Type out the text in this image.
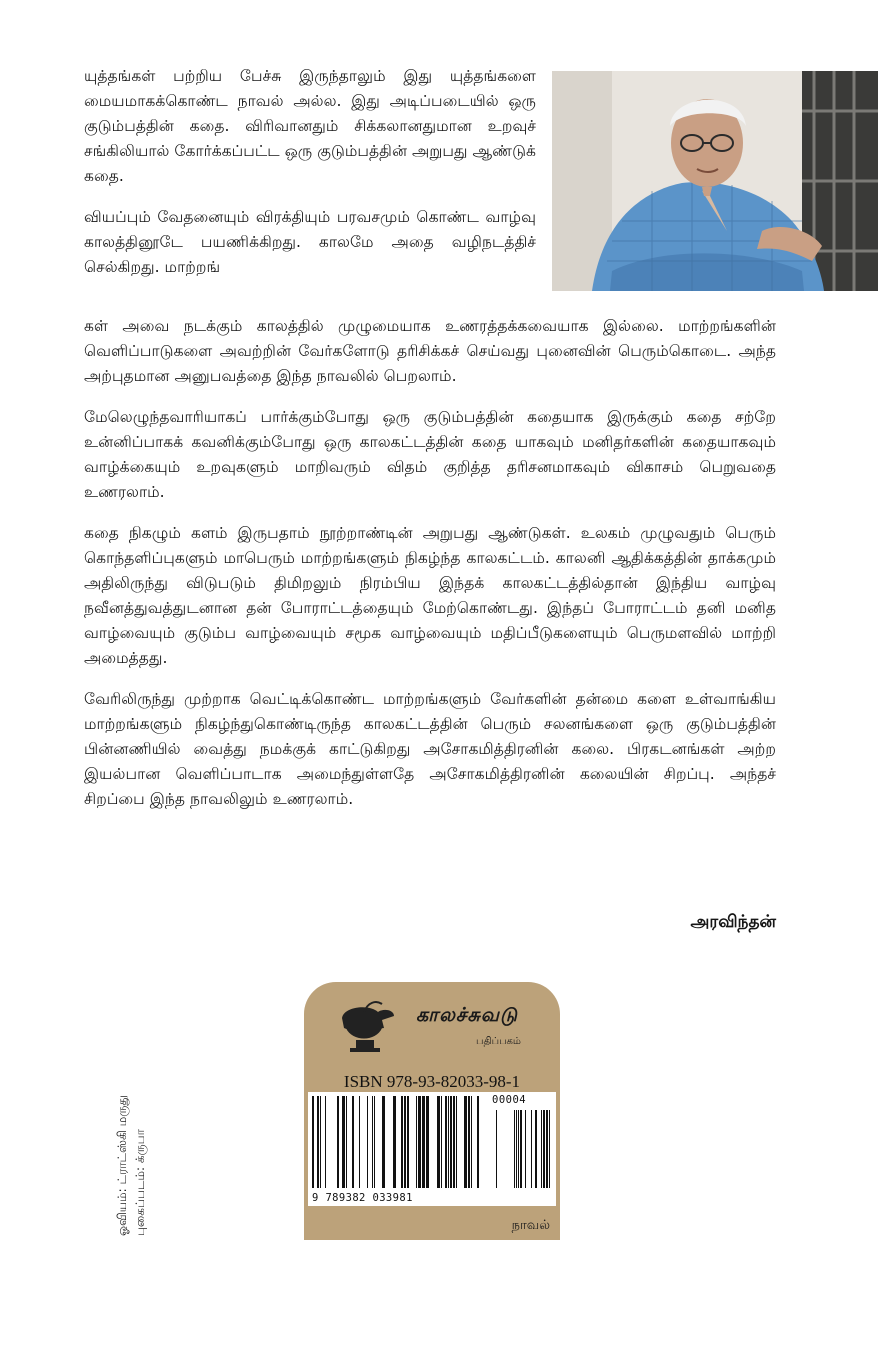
யுத்தங்கள் பற்றிய பேச்சு இருந்தாலும் இது யுத்தங்களை மையமாகக்கொண்ட நாவல் அல்ல. இது அடிப்படையில் ஒரு குடும்பத்தின் கதை. விரிவானதும் சிக்கலானதுமான உறவுச் சங்கிலியால் கோர்க்கப்பட்ட ஒரு குடும்பத்தின் அறுபது ஆண்டுக் கதை.

வியப்பும் வேதனையும் விரக்தியும் பரவசமும் கொண்ட வாழ்வு காலத்தினூடே பயணிக்கிறது. காலமே அதை வழிநடத்திச் செல்கிறது. மாற்றங்

கள் அவை நடக்கும் காலத்தில் முழுமையாக உணரத்தக்கவையாக இல்லை. மாற்றங்களின் வெளிப்பாடுகளை அவற்றின் வேர்களோடு தரிசிக்கச் செய்வது புனைவின் பெரும்கொடை. அந்த அற்புதமான அனுபவத்தை இந்த நாவலில் பெறலாம்.

மேலெழுந்தவாரியாகப் பார்க்கும்போது ஒரு குடும்பத்தின் கதையாக இருக்கும் கதை சற்றே உன்னிப்பாகக் கவனிக்கும்போது ஒரு காலகட்டத்தின் கதை யாகவும் மனிதர்களின் கதையாகவும் வாழ்க்கையும் உறவுகளும் மாறிவரும் விதம் குறித்த தரிசனமாகவும் விகாசம் பெறுவதை உணரலாம்.

கதை நிகழும் களம் இருபதாம் நூற்றாண்டின் அறுபது ஆண்டுகள். உலகம் முழுவதும் பெரும் கொந்தளிப்புகளும் மாபெரும் மாற்றங்களும் நிகழ்ந்த காலகட்டம். காலனி ஆதிக்கத்தின் தாக்கமும் அதிலிருந்து விடுபடும் திமிறலும் நிரம்பிய இந்தக் காலகட்டத்தில்தான் இந்திய வாழ்வு நவீனத்துவத்துடனான தன் போராட்டத்தையும் மேற்கொண்டது. இந்தப் போராட்டம் தனி மனித வாழ்வையும் குடும்ப வாழ்வையும் சமூக வாழ்வையும் மதிப்பீடுகளையும் பெருமளவில் மாற்றி அமைத்தது.

வேரிலிருந்து முற்றாக வெட்டிக்கொண்ட மாற்றங்களும் வேர்களின் தன்மை களை உள்வாங்கிய மாற்றங்களும் நிகழ்ந்துகொண்டிருந்த காலகட்டத்தின் பெரும் சலனங்களை ஒரு குடும்பத்தின் பின்னணியில் வைத்து நமக்குக் காட்டுகிறது அசோகமித்திரனின் கலை. பிரகடனங்கள் அற்ற இயல்பான வெளிப்பாடாக அமைந்துள்ளதே அசோகமித்திரனின் கலையின் சிறப்பு. அந்தச் சிறப்பை இந்த நாவலிலும் உணரலாம்.

அரவிந்தன்
ஓவியம்: ட்ராட்ஸ்கி மருது புகைப்படம்: க்ருபா
காலச்சுவடு
பதிப்பகம்
ISBN 978-93-82033-98-1
00004
9 789382 033981
நாவல்
